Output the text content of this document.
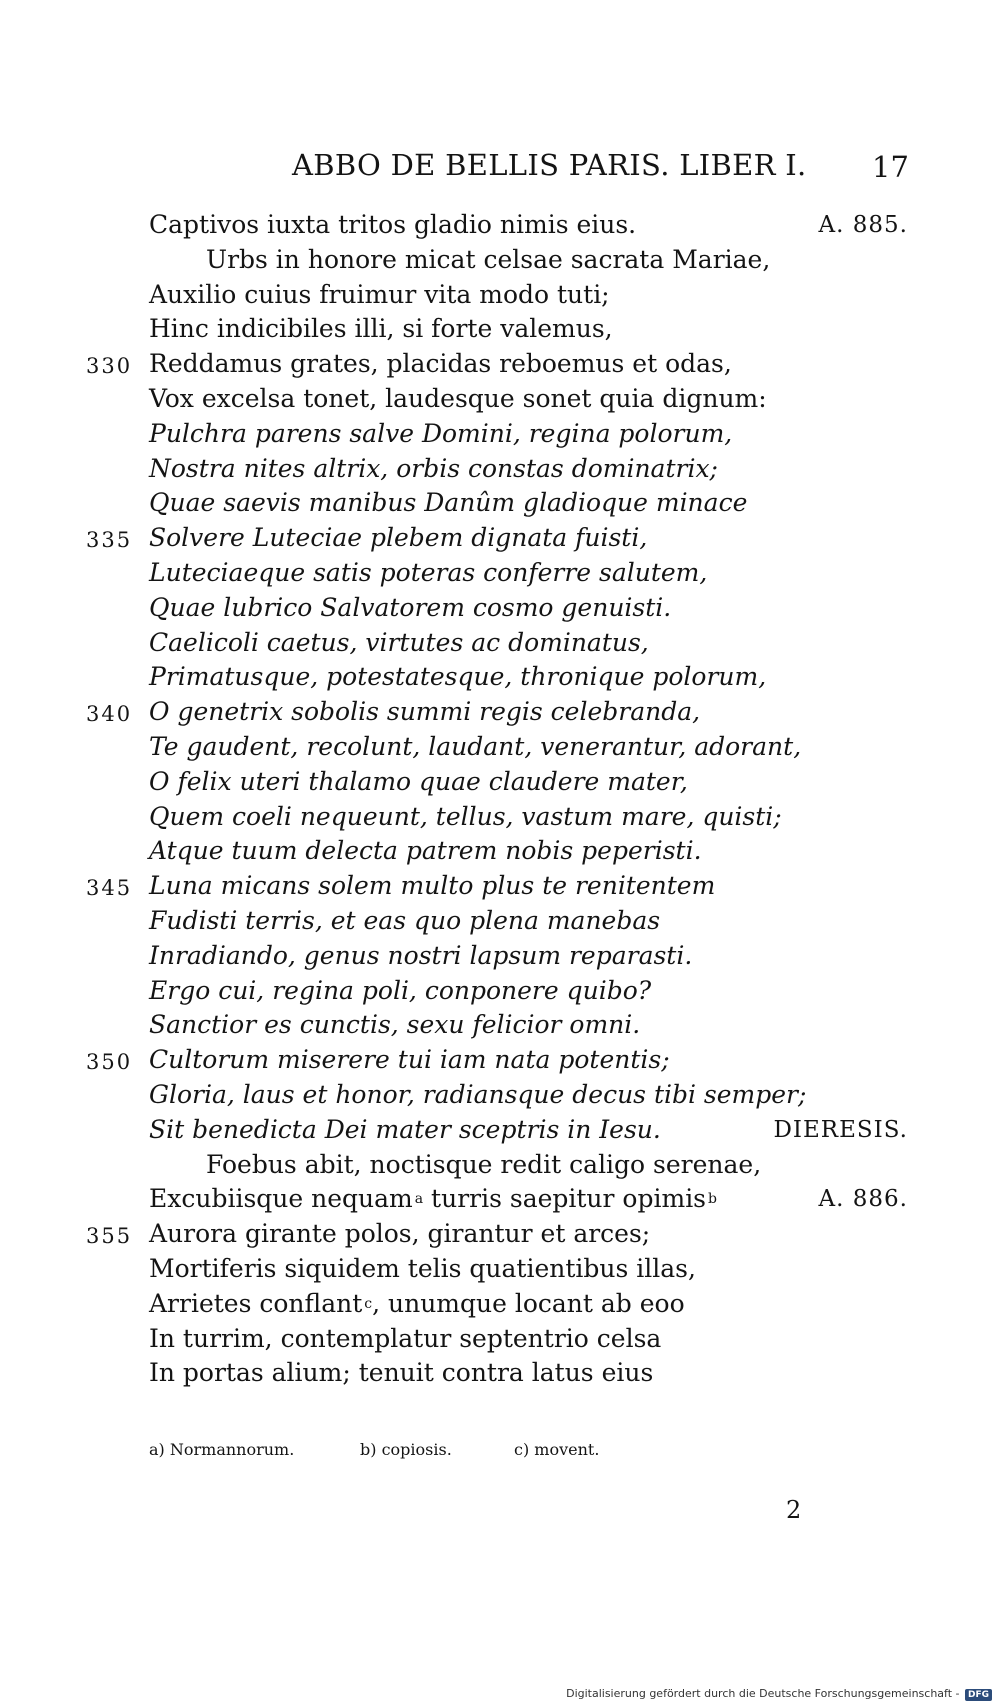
ABBO DE BELLIS PARIS. LIBER I. 17
Captivos iuxta tritos gladio nimis eius.	A. 885.
Urbs in honore micat celsae sacrata Mariae,
Auxilio cuius fruimur vita modo tuti;
Hinc indicibiles illi, si forte valemus,
330 Reddamus grates, placidas reboemus et odas,
Vox excelsa tonet, laudesque sonet quia dignum:
Pulchra parens salve Domini, regina polorum,
Nostra nites altrix, orbis constas dominatrix;
Quae saevis manibus Danûm gladioque minace
335 Solvere Luteciae plebem dignata fuisti,
Luteciaeque satis poteras conferre salutem,
Quae lubrico Salvatorem cosmo genuisti.
Caelicoli caetus, virtutes ac dominatus,
Primatusque, potestatesque, thronique polorum,
340 O genetrix sobolis summi regis celebranda,
Te gaudent, recolunt, laudant, venerantur, adorant,
O felix uteri thalamo quae claudere mater,
Quem coeli nequeunt, tellus, vastum mare, quisti;
Atque tuum delecta patrem nobis peperisti.
345 Luna micans solem multo plus te renitentem
Fudisti terris, et eas quo plena manebas
Inradiando, genus nostri lapsum reparasti.
Ergo cui, regina poli, conponere quibo?
Sanctior es cunctis, sexu felicior omni.
350 Cultorum miserere tui iam nata potentis;
Gloria, laus et honor, radiansque decus tibi semper;
Sit benedicta Dei mater sceptris in Iesu.	DIERESIS.
Foebus abit, noctisque redit caligo serenae,
Excubiisque nequam $^a$ turris saepitur opimis $^b$	A. 886.
355 Aurora girante polos, girantur et arces;
Mortiferis siquidem telis quatientibus illas,
Arrietes conflant $^c$, unumque locant ab eoo
In turrim, contemplatur septentrio celsa
In portas alium; tenuit contra latus eius
a) Normannorum.	b) copiosis.	c) movent.
2
Digitalisierung gefördert durch die Deutsche Forschungsgemeinschaft - DFG
